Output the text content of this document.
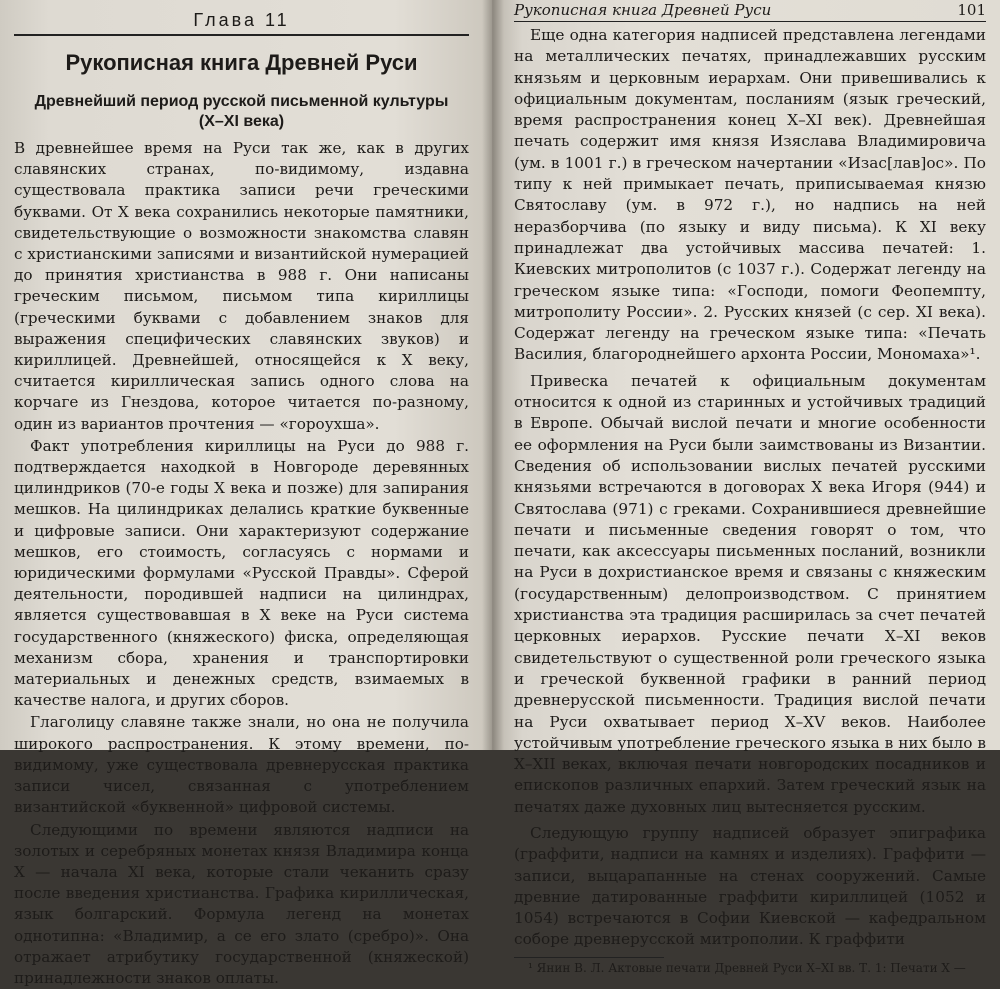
Глава 11
Рукописная книга Древней Руси
Древнейший период русской письменной культуры (X–XI века)

В древнейшее время на Руси так же, как в других славянских странах, по-видимому, издавна существовала практика записи речи греческими буквами. От X века сохранились некоторые памятники, свидетельствующие о возможности знакомства славян с христианскими записями и византийской нумерацией до принятия христианства в 988 г. Они написаны греческим письмом, письмом типа кириллицы (греческими буквами с добавлением знаков для выражения специфических славянских звуков) и кириллицей. Древнейшей, относящейся к X веку, считается кириллическая запись одного слова на корчаге из Гнездова, которое читается по-разному, один из вариантов прочтения — «гороухша».

Факт употребления кириллицы на Руси до 988 г. подтверждается находкой в Новгороде деревянных цилиндриков (70-е годы X века и позже) для запирания мешков. На цилиндриках делались краткие буквенные и цифровые записи. Они характеризуют содержание мешков, его стоимость, согласуясь с нормами и юридическими формулами «Русской Правды». Сферой деятельности, породившей надписи на цилиндрах, является существовавшая в X веке на Руси система государственного (княжеского) фиска, определяющая механизм сбора, хранения и транспортировки материальных и денежных средств, взимаемых в качестве налога, и других сборов.

Глаголицу славяне также знали, но она не получила широкого распространения. К этому времени, по-видимому, уже существовала древнерусская практика записи чисел, связанная с употреблением византийской «буквенной» цифровой системы.

Следующими по времени являются надписи на золотых и серебряных монетах князя Владимира конца X — начала XI века, которые стали чеканить сразу после введения христианства. Графика кириллическая, язык болгарский. Формула легенд на монетах однотипна: «Владимир, а се его злато (сребро)». Она отражает атрибутику государственной (княжеской) принадлежности знаков оплаты.

Рукописная книга Древней Руси	101

Еще одна категория надписей представлена легендами на металлических печатях, принадлежавших русским князьям и церковным иерархам. Они привешивались к официальным документам, посланиям (язык греческий, время распространения конец X–XI век). Древнейшая печать содержит имя князя Изяслава Владимировича (ум. в 1001 г.) в греческом начертании «Изас[лав]ос». По типу к ней примыкает печать, приписываемая князю Святославу (ум. в 972 г.), но надпись на ней неразборчива (по языку и виду письма). К XI веку принадлежат два устойчивых массива печатей: 1. Киевских митрополитов (с 1037 г.). Содержат легенду на греческом языке типа: «Господи, помоги Феопемпту, митрополиту России». 2. Русских князей (с сер. XI века). Содержат легенду на греческом языке типа: «Печать Василия, благороднейшего архонта России, Мономаха»¹.

Привеска печатей к официальным документам относится к одной из старинных и устойчивых традиций в Европе. Обычай вислой печати и многие особенности ее оформления на Руси были заимствованы из Византии. Сведения об использовании вислых печатей русскими князьями встречаются в договорах X века Игоря (944) и Святослава (971) с греками. Сохранившиеся древнейшие печати и письменные сведения говорят о том, что печати, как аксессуары письменных посланий, возникли на Руси в дохристианское время и связаны с княжеским (государственным) делопроизводством. С принятием христианства эта традиция расширилась за счет печатей церковных иерархов. Русские печати X–XI веков свидетельствуют о существенной роли греческого языка и греческой буквенной графики в ранний период древнерусской письменности. Традиция вислой печати на Руси охватывает период X–XV веков. Наиболее устойчивым употребление греческого языка в них было в X–XII веках, включая печати новгородских посадников и епископов различных епархий. Затем греческий язык на печатях даже духовных лиц вытесняется русским.

Следующую группу надписей образует эпиграфика (граффити, надписи на камнях и изделиях). Граффити — записи, выцарапанные на стенах сооружений. Самые древние датированные граффити кириллицей (1052 и 1054) встречаются в Софии Киевской — кафедральном соборе древнерусской митрополии. К граффити

¹ Янин В. Л. Актовые печати Древней Руси X–XI вв. Т. 1: Печати X —
